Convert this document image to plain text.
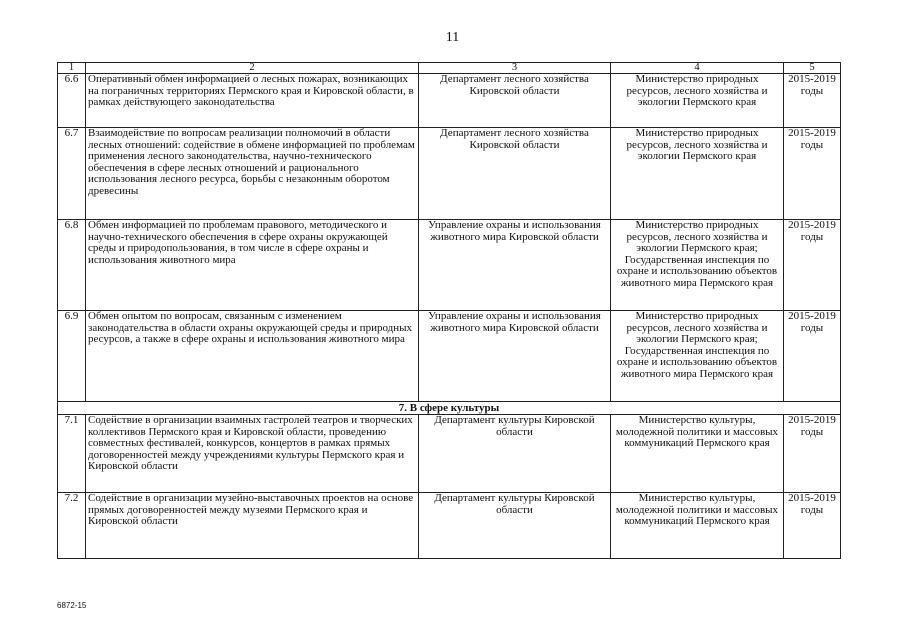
11
1	2	3	4	5
6.6	Оперативный обмен информацией о лесных пожарах, возникающих на пограничных территориях Пермского края и Кировской области, в рамках действующего законодательства	Департамент лесного хозяйства Кировской области	Министерство природных ресурсов, лесного хозяйства и экологии Пермского края	2015-2019 годы
6.7	Взаимодействие по вопросам реализации полномочий в области лесных отношений: содействие в обмене информацией по проблемам применения лесного законодательства, научно-технического обеспечения в сфере лесных отношений и рационального использования лесного ресурса, борьбы с незаконным оборотом древесины	Департамент лесного хозяйства Кировской области	Министерство природных ресурсов, лесного хозяйства и экологии Пермского края	2015-2019 годы
6.8	Обмен информацией по проблемам правового, методического и научно-технического обеспечения в сфере охраны окружающей среды и природопользования, в том числе в сфере охраны и использования животного мира	Управление охраны и использования животного мира Кировской области	Министерство природных ресурсов, лесного хозяйства и экологии Пермского края; Государственная инспекция по охране и использованию объектов животного мира Пермского края	2015-2019 годы
6.9	Обмен опытом по вопросам, связанным с изменением законодательства в области охраны окружающей среды и природных ресурсов, а также в сфере охраны и использования животного мира	Управление охраны и использования животного мира Кировской области	Министерство природных ресурсов, лесного хозяйства и экологии Пермского края; Государственная инспекция по охране и использованию объектов животного мира Пермского края	2015-2019 годы
7. В сфере культуры				
7.1	Содействие в организации взаимных гастролей театров и творческих коллективов Пермского края и Кировской области, проведению совместных фестивалей, конкурсов, концертов в рамках прямых договоренностей между учреждениями культуры Пермского края и Кировской области	Департамент культуры Кировской области	Министерство культуры, молодежной политики и массовых коммуникаций Пермского края	2015-2019 годы
7.2	Содействие в организации музейно-выставочных проектов на основе прямых договоренностей между музеями Пермского края и Кировской области	Департамент культуры Кировской области	Министерство культуры, молодежной политики и массовых коммуникаций Пермского края	2015-2019 годы
6872-15
